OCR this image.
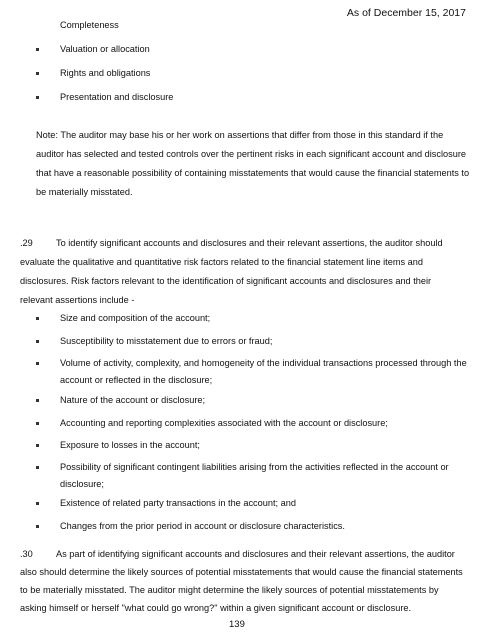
As of December 15, 2017
Completeness
Valuation or allocation
Rights and obligations
Presentation and disclosure
Note: The auditor may base his or her work on assertions that differ from those in this standard if the
auditor has selected and tested controls over the pertinent risks in each significant account and disclosure
that have a reasonable possibility of containing misstatements that would cause the financial statements to
be materially misstated.
.29	To identify significant accounts and disclosures and their relevant assertions, the auditor should
evaluate the qualitative and quantitative risk factors related to the financial statement line items and
disclosures. Risk factors relevant to the identification of significant accounts and disclosures and their
relevant assertions include -
Size and composition of the account;
Susceptibility to misstatement due to errors or fraud;
Volume of activity, complexity, and homogeneity of the individual transactions processed through the
account or reflected in the disclosure;
Nature of the account or disclosure;
Accounting and reporting complexities associated with the account or disclosure;
Exposure to losses in the account;
Possibility of significant contingent liabilities arising from the activities reflected in the account or
disclosure;
Existence of related party transactions in the account; and
Changes from the prior period in account or disclosure characteristics.
.30	As part of identifying significant accounts and disclosures and their relevant assertions, the auditor
also should determine the likely sources of potential misstatements that would cause the financial statements
to be materially misstated. The auditor might determine the likely sources of potential misstatements by
asking himself or herself "what could go wrong?" within a given significant account or disclosure.
139
